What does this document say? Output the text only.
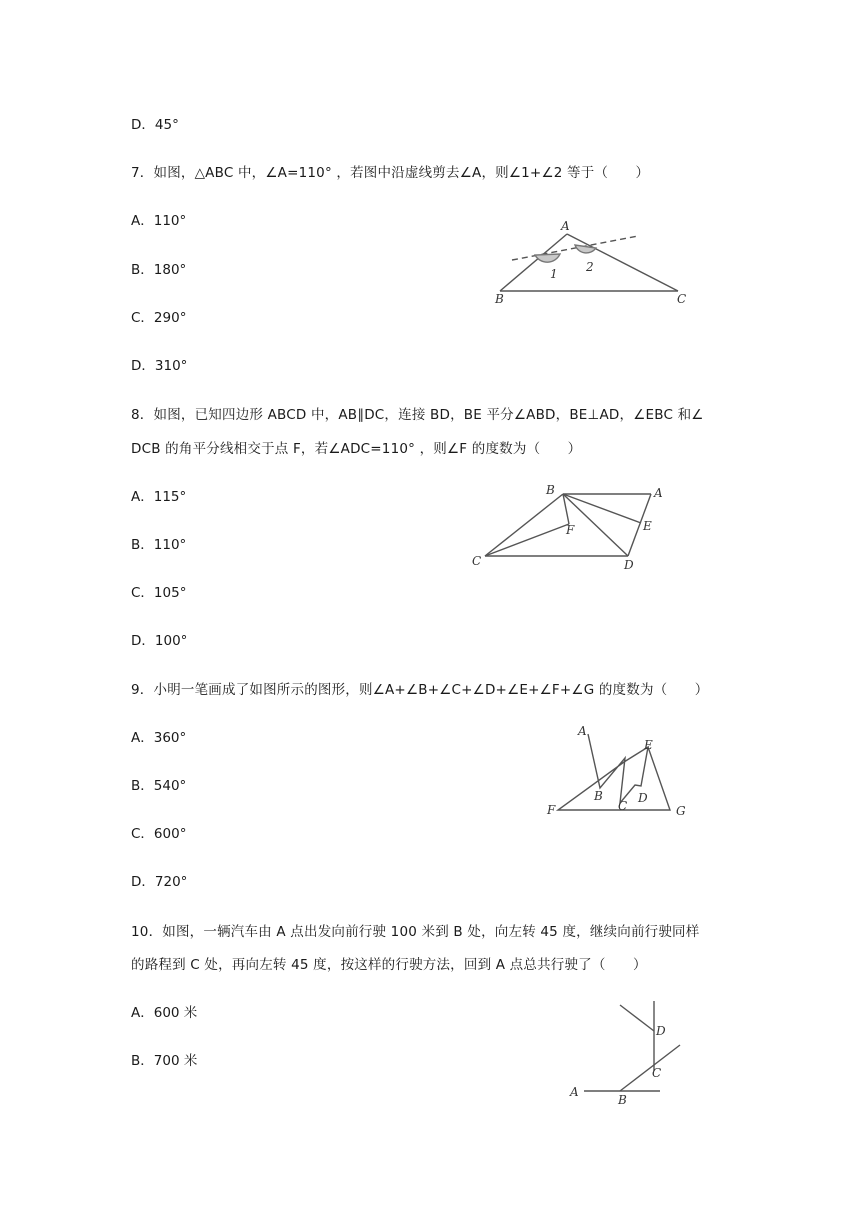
D．45°
7．如图，△ABC 中，∠A=110° ，若图中沿虚线剪去∠A，则∠1+∠2 等于（　　）
A．110°
B．180°
C．290°
D．310°
8．如图，已知四边形 ABCD 中，AB∥DC，连接 BD，BE 平分∠ABD，BE⊥AD，∠EBC 和∠
DCB 的角平分线相交于点 F，若∠ADC=110° ，则∠F 的度数为（　　）
A．115°
B．110°
C．105°
D．100°
9．小明一笔画成了如图所示的图形，则∠A+∠B+∠C+∠D+∠E+∠F+∠G 的度数为（　　）
A．360°
B．540°
C．600°
D．720°
10．如图，一辆汽车由 A 点出发向前行驶 100 米到 B 处，向左转 45 度，继续向前行驶同样
的路程到 C 处，再向左转 45 度，按这样的行驶方法，回到 A 点总共行驶了（　　）
A．600 米
B．700 米
A
B	C
1 2
B	A
C	D
E
F
A
B
C
D
E
F	G
A
B
C
D
